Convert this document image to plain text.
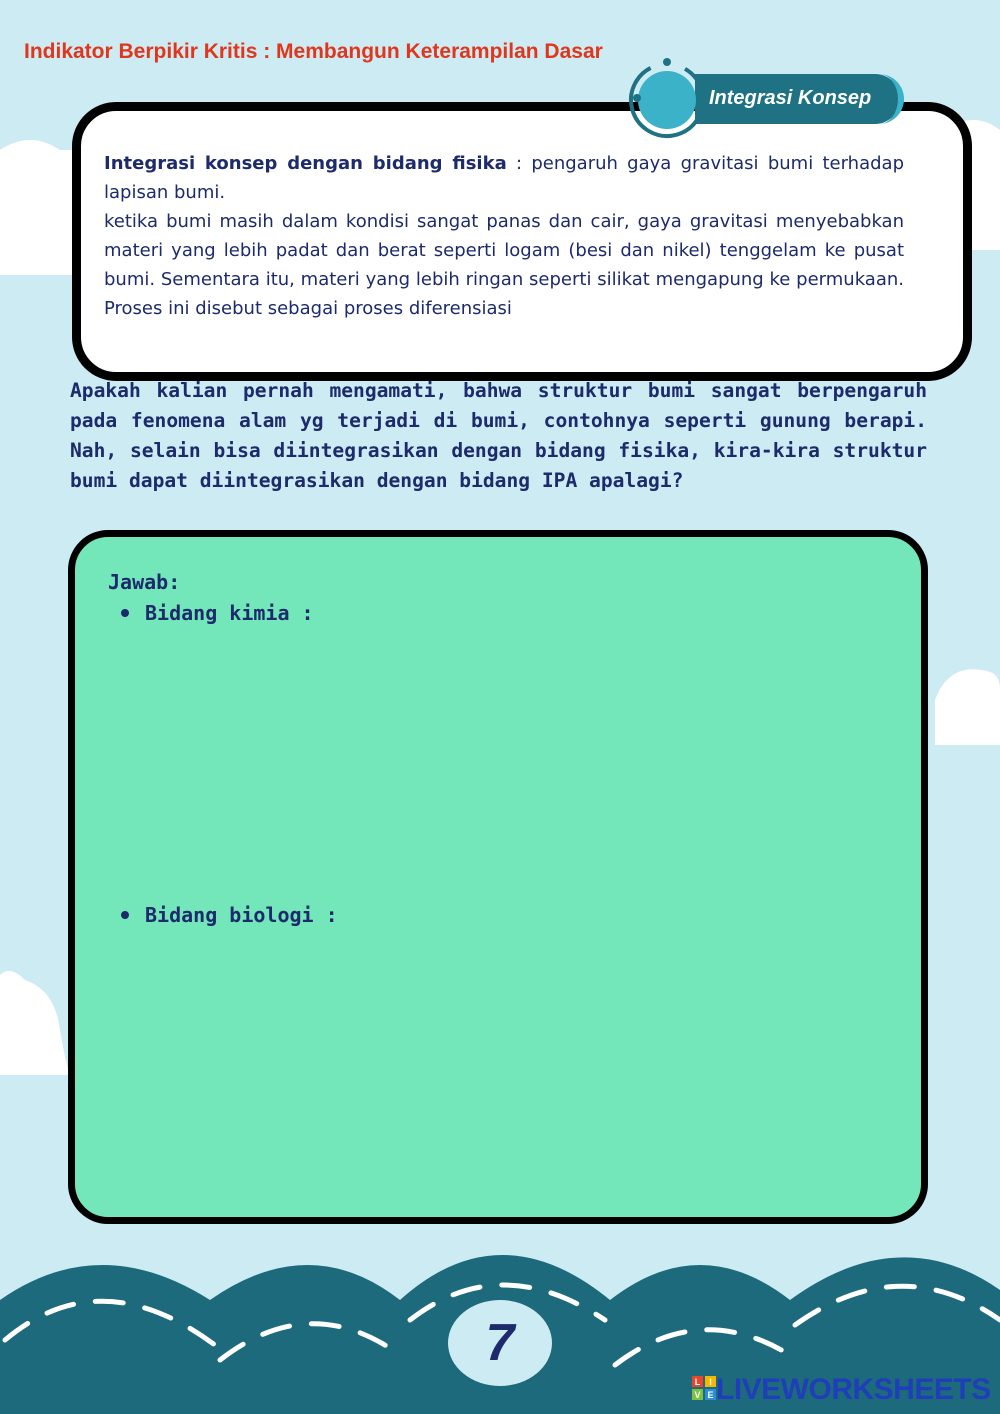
Indikator Berpikir Kritis : Membangun Keterampilan Dasar

Integrasi konsep dengan bidang fisika : pengaruh gaya gravitasi bumi terhadap lapisan bumi.
ketika bumi masih dalam kondisi sangat panas dan cair, gaya gravitasi menyebabkan materi yang lebih padat dan berat seperti logam (besi dan nikel) tenggelam ke pusat bumi. Sementara itu, materi yang lebih ringan seperti silikat mengapung ke permukaan. Proses ini disebut sebagai proses diferensiasi

Integrasi Konsep

Apakah kalian pernah mengamati, bahwa struktur bumi sangat berpengaruh pada fenomena alam yg terjadi di bumi, contohnya seperti gunung berapi. Nah, selain bisa diintegrasikan dengan bidang fisika, kira-kira struktur bumi dapat diintegrasikan dengan bidang IPA apalagi?

Jawab:
Bidang kimia :
Bidang biologi :
7
L I
V E LIVEWORKSHEETS
